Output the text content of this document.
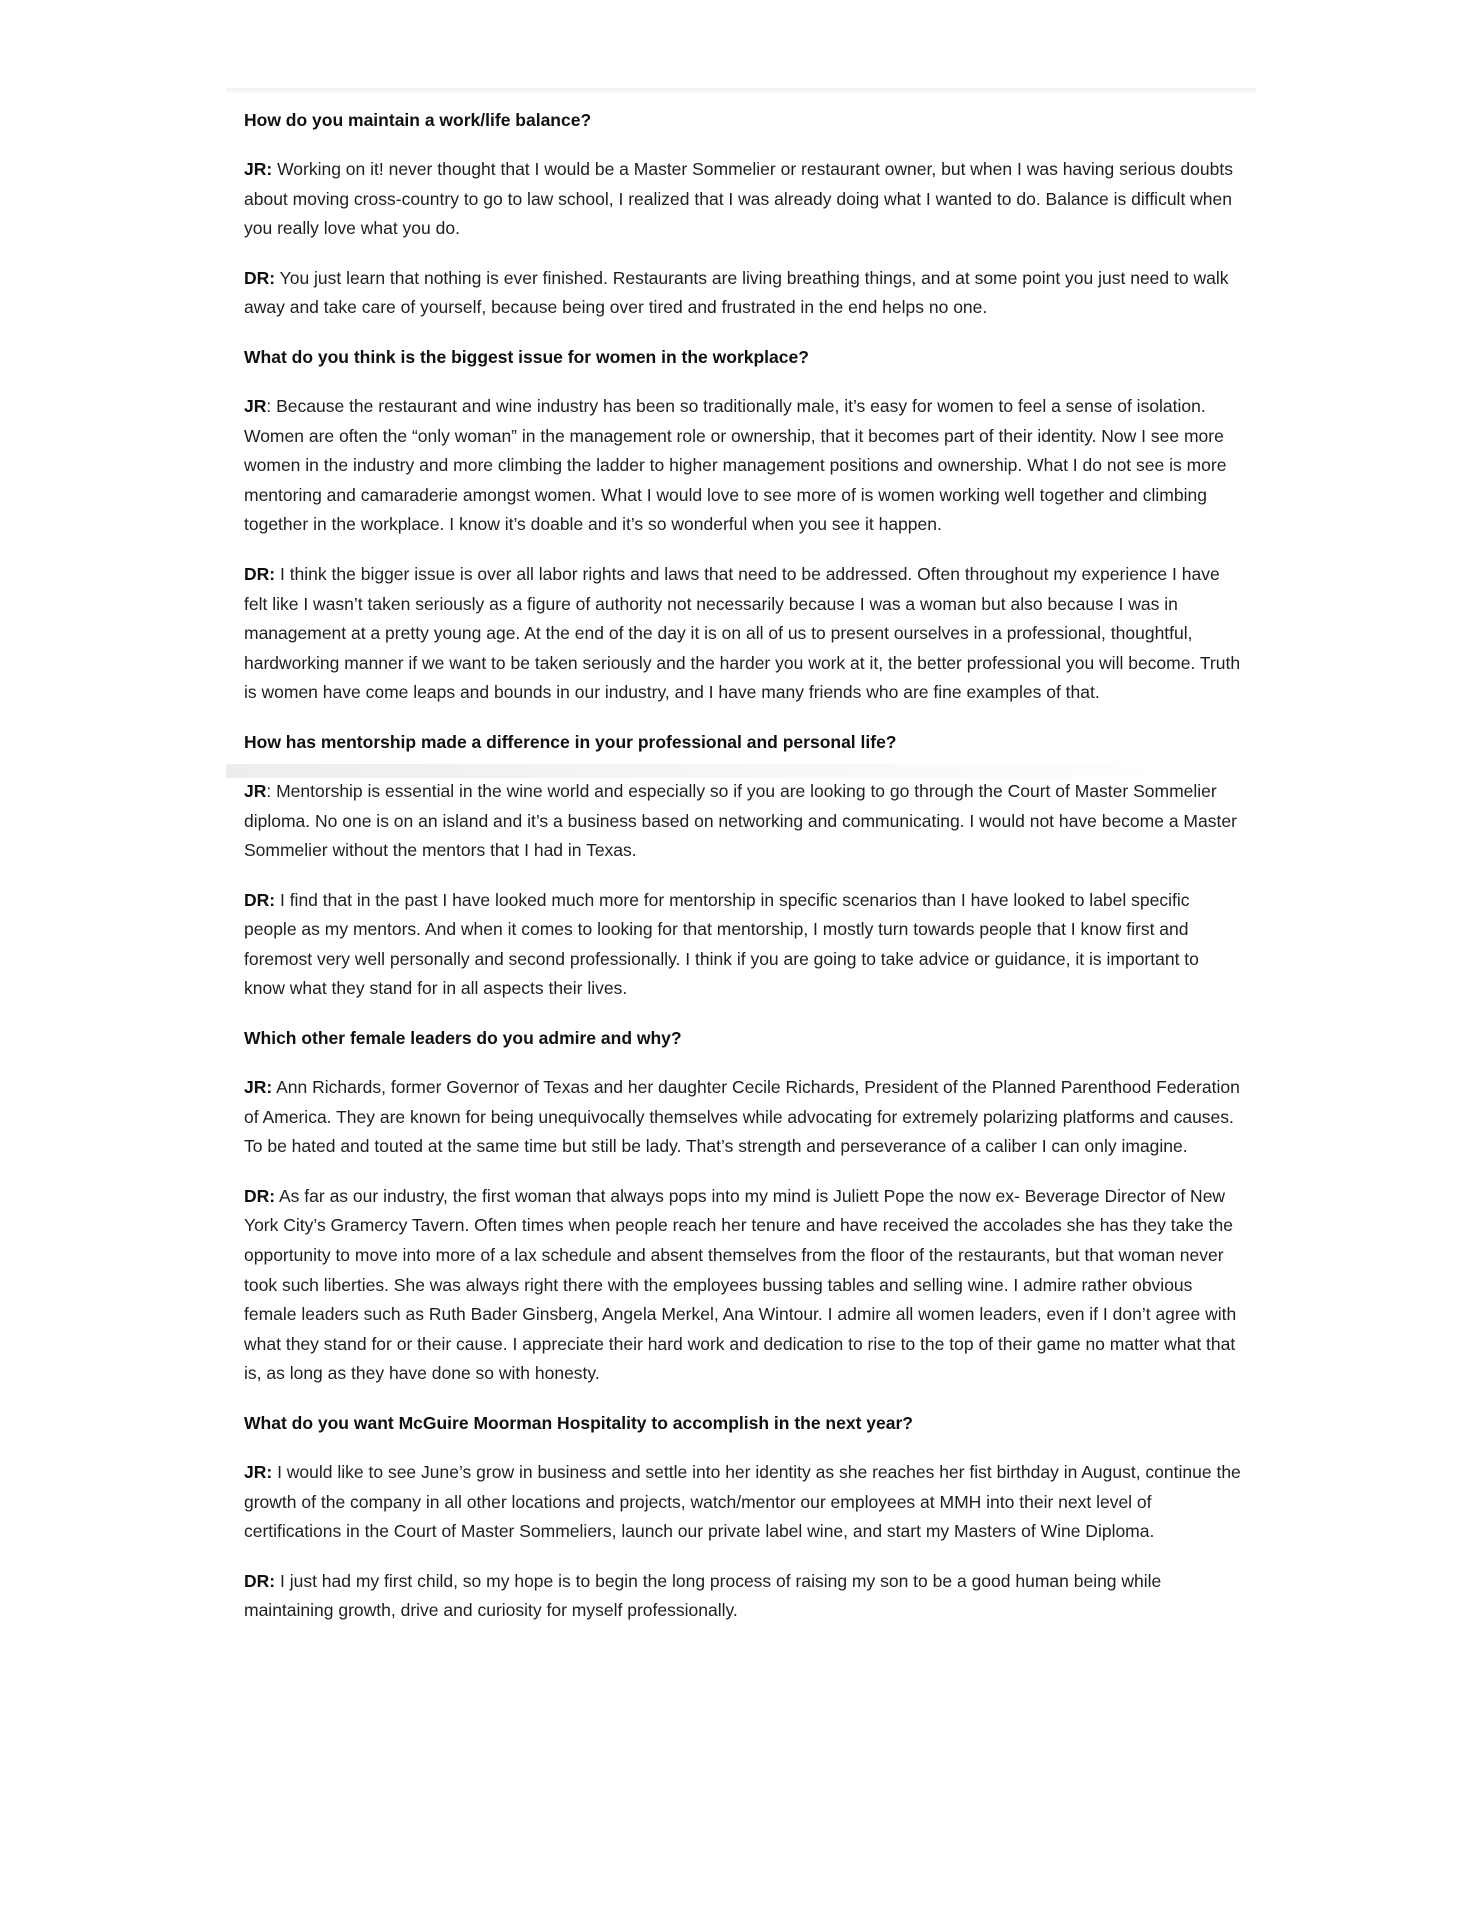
How do you maintain a work/life balance?

JR: Working on it! never thought that I would be a Master Sommelier or restaurant owner, but when I was having serious doubts about moving cross-country to go to law school, I realized that I was already doing what I wanted to do. Balance is difficult when you really love what you do.

DR: You just learn that nothing is ever finished. Restaurants are living breathing things, and at some point you just need to walk away and take care of yourself, because being over tired and frustrated in the end helps no one.

What do you think is the biggest issue for women in the workplace?

JR: Because the restaurant and wine industry has been so traditionally male, it’s easy for women to feel a sense of isolation. Women are often the “only woman” in the management role or ownership, that it becomes part of their identity. Now I see more women in the industry and more climbing the ladder to higher management positions and ownership. What I do not see is more mentoring and camaraderie amongst women. What I would love to see more of is women working well together and climbing together in the workplace. I know it’s doable and it’s so wonderful when you see it happen.

DR: I think the bigger issue is over all labor rights and laws that need to be addressed. Often throughout my experience I have felt like I wasn’t taken seriously as a figure of authority not necessarily because I was a woman but also because I was in management at a pretty young age. At the end of the day it is on all of us to present ourselves in a professional, thoughtful, hardworking manner if we want to be taken seriously and the harder you work at it, the better professional you will become. Truth is women have come leaps and bounds in our industry, and I have many friends who are fine examples of that.

How has mentorship made a difference in your professional and personal life?

JR: Mentorship is essential in the wine world and especially so if you are looking to go through the Court of Master Sommelier diploma. No one is on an island and it’s a business based on networking and communicating. I would not have become a Master Sommelier without the mentors that I had in Texas.

DR: I find that in the past I have looked much more for mentorship in specific scenarios than I have looked to label specific people as my mentors. And when it comes to looking for that mentorship, I mostly turn towards people that I know first and foremost very well personally and second professionally. I think if you are going to take advice or guidance, it is important to know what they stand for in all aspects their lives.

Which other female leaders do you admire and why?

JR: Ann Richards, former Governor of Texas and her daughter Cecile Richards, President of the Planned Parenthood Federation of America. They are known for being unequivocally themselves while advocating for extremely polarizing platforms and causes. To be hated and touted at the same time but still be lady. That’s strength and perseverance of a caliber I can only imagine.

DR: As far as our industry, the first woman that always pops into my mind is Juliett Pope the now ex- Beverage Director of New York City’s Gramercy Tavern. Often times when people reach her tenure and have received the accolades she has they take the opportunity to move into more of a lax schedule and absent themselves from the floor of the restaurants, but that woman never took such liberties. She was always right there with the employees bussing tables and selling wine. I admire rather obvious female leaders such as Ruth Bader Ginsberg, Angela Merkel, Ana Wintour. I admire all women leaders, even if I don’t agree with what they stand for or their cause. I appreciate their hard work and dedication to rise to the top of their game no matter what that is, as long as they have done so with honesty.

What do you want McGuire Moorman Hospitality to accomplish in the next year?

JR: I would like to see June’s grow in business and settle into her identity as she reaches her fist birthday in August, continue the growth of the company in all other locations and projects, watch/mentor our employees at MMH into their next level of certifications in the Court of Master Sommeliers, launch our private label wine, and start my Masters of Wine Diploma.

DR: I just had my first child, so my hope is to begin the long process of raising my son to be a good human being while maintaining growth, drive and curiosity for myself professionally.
